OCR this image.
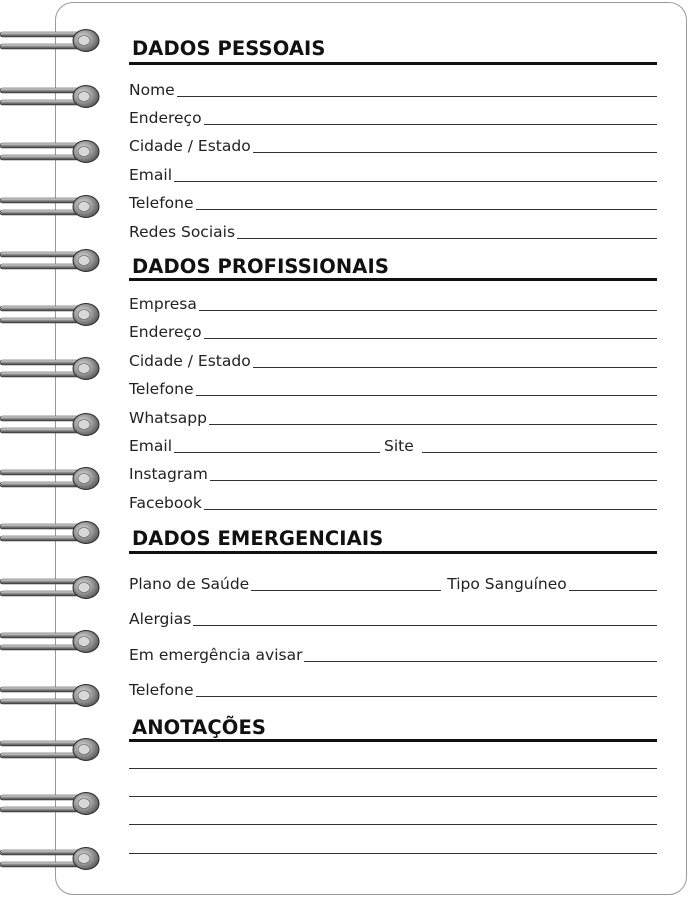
DADOS PESSOAIS
Nome
Endereço
Cidade / Estado
Email
Telefone
Redes Sociais
DADOS PROFISSIONAIS
Empresa
Endereço
Cidade / Estado
Telefone
Whatsapp
Email	Site
Instagram
Facebook
DADOS EMERGENCIAIS
Plano de Saúde	Tipo Sanguíneo
Alergias
Em emergência avisar
Telefone
ANOTAÇÕES
